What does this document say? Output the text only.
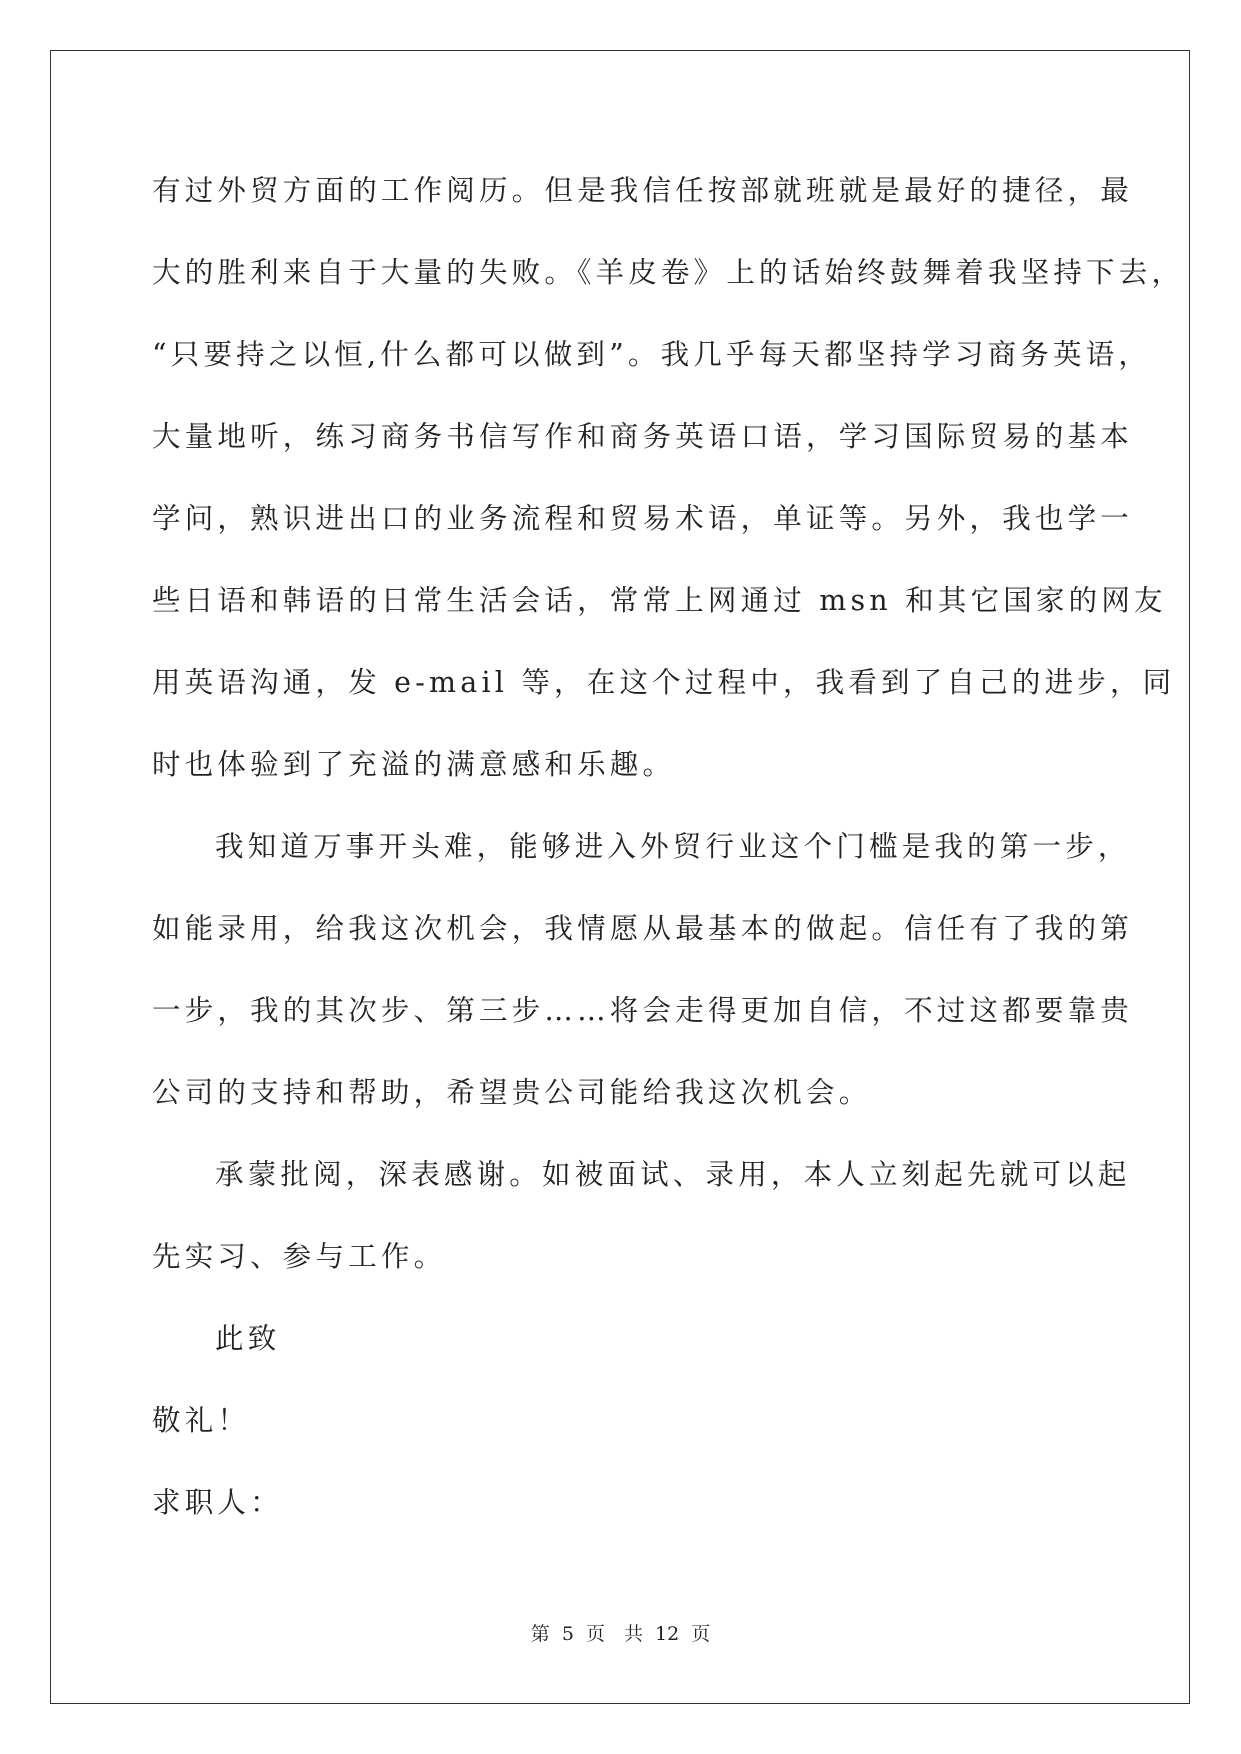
有过外贸方面的工作阅历。但是我信任按部就班就是最好的捷径，最
大的胜利来自于大量的失败。《羊皮卷》上的话始终鼓舞着我坚持下去，
“只要持之以恒,什么都可以做到”。我几乎每天都坚持学习商务英语，
大量地听，练习商务书信写作和商务英语口语，学习国际贸易的基本
学问，熟识进出口的业务流程和贸易术语，单证等。另外，我也学一
些日语和韩语的日常生活会话，常常上网通过 msn 和其它国家的网友
用英语沟通，发 e-mail 等，在这个过程中，我看到了自己的进步，同
时也体验到了充溢的满意感和乐趣。
我知道万事开头难，能够进入外贸行业这个门槛是我的第一步，
如能录用，给我这次机会，我情愿从最基本的做起。信任有了我的第
一步，我的其次步、第三步……将会走得更加自信，不过这都要靠贵
公司的支持和帮助，希望贵公司能给我这次机会。
承蒙批阅，深表感谢。如被面试、录用，本人立刻起先就可以起
先实习、参与工作。
此致
敬礼！
求职人：
第 5 页　共 12 页
